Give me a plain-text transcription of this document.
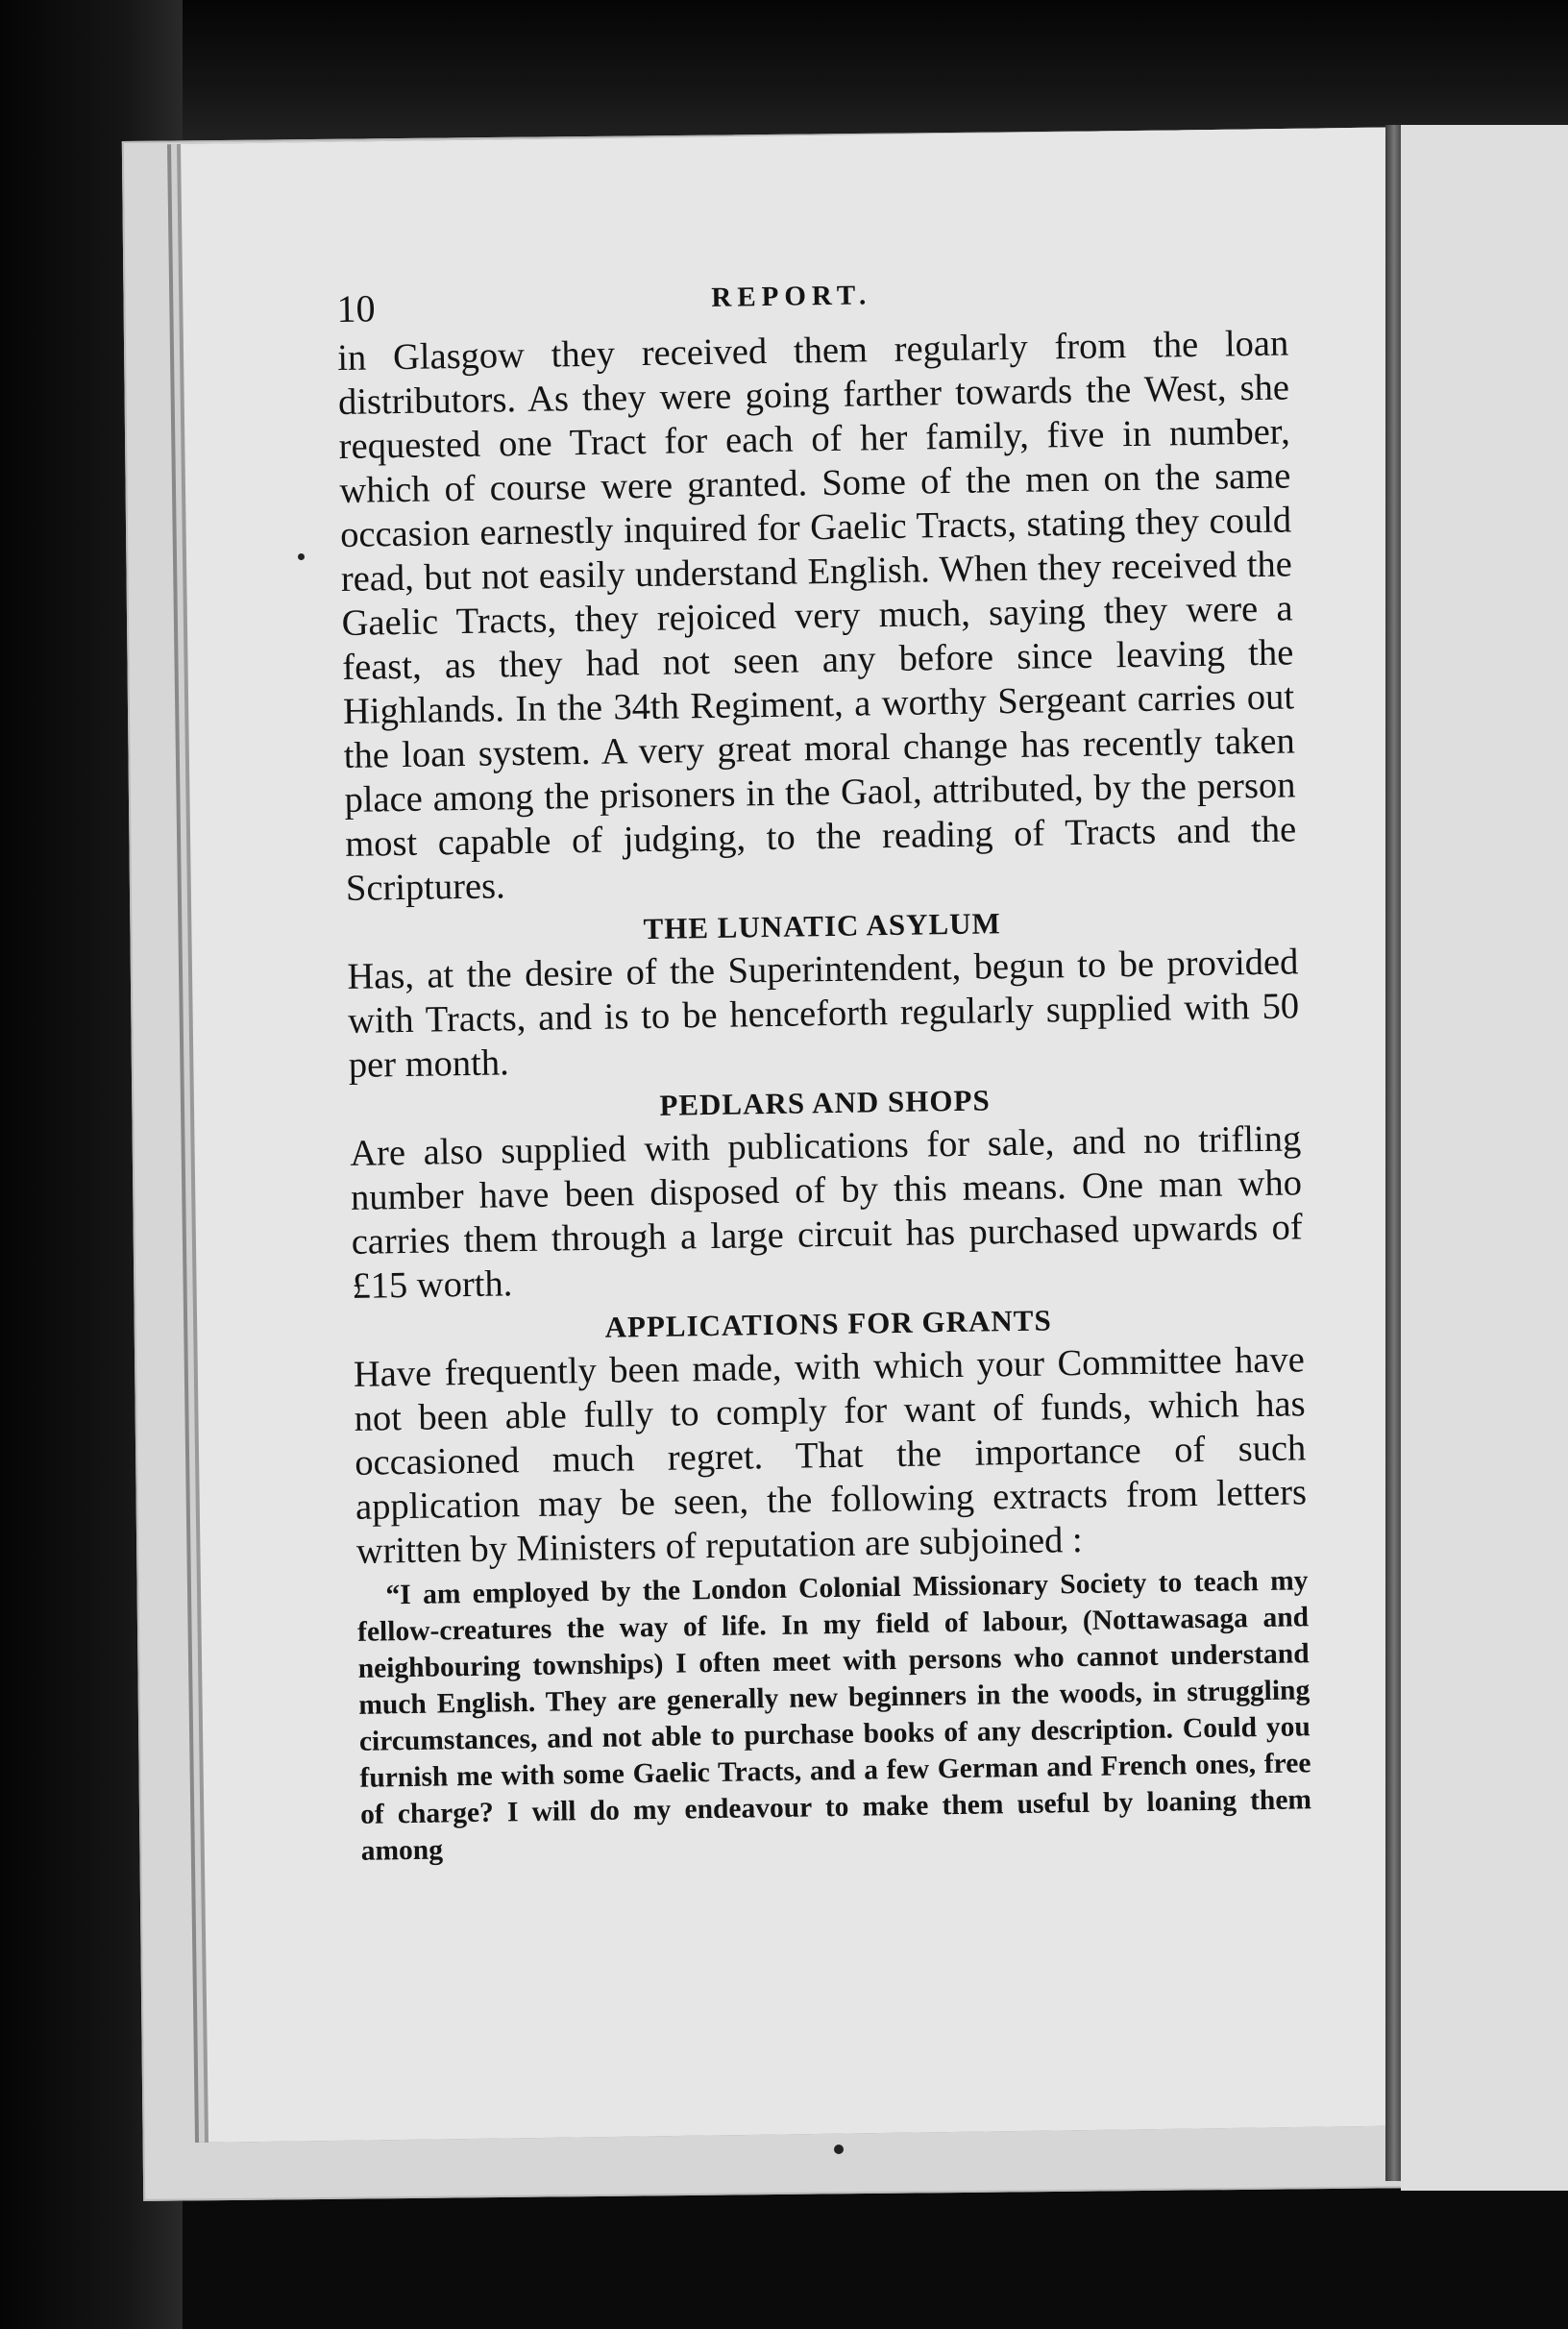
10	REPORT.

in Glasgow they received them regularly from the loan distributors. As they were going farther towards the West, she requested one Tract for each of her family, five in number, which of course were granted. Some of the men on the same occasion earnestly inquired for Gaelic Tracts, stating they could read, but not easily understand English. When they received the Gaelic Tracts, they rejoiced very much, saying they were a feast, as they had not seen any before since leaving the Highlands. In the 34th Regiment, a worthy Sergeant carries out the loan system. A very great moral change has recently taken place among the prisoners in the Gaol, attributed, by the person most capable of judging, to the reading of Tracts and the Scriptures.

THE LUNATIC ASYLUM

Has, at the desire of the Superintendent, begun to be provided with Tracts, and is to be henceforth regularly supplied with 50 per month.

PEDLARS AND SHOPS

Are also supplied with publications for sale, and no trifling number have been disposed of by this means. One man who carries them through a large circuit has purchased upwards of £15 worth.

APPLICATIONS FOR GRANTS

Have frequently been made, with which your Committee have not been able fully to comply for want of funds, which has occasioned much regret. That the importance of such application may be seen, the following extracts from letters written by Ministers of reputation are subjoined :

“I am employed by the London Colonial Missionary Society to teach my fellow-creatures the way of life. In my field of labour, (Nottawasaga and neighbouring townships) I often meet with persons who cannot understand much English. They are generally new beginners in the woods, in struggling circumstances, and not able to purchase books of any description. Could you furnish me with some Gaelic Tracts, and a few German and French ones, free of charge? I will do my endeavour to make them useful by loaning them among
